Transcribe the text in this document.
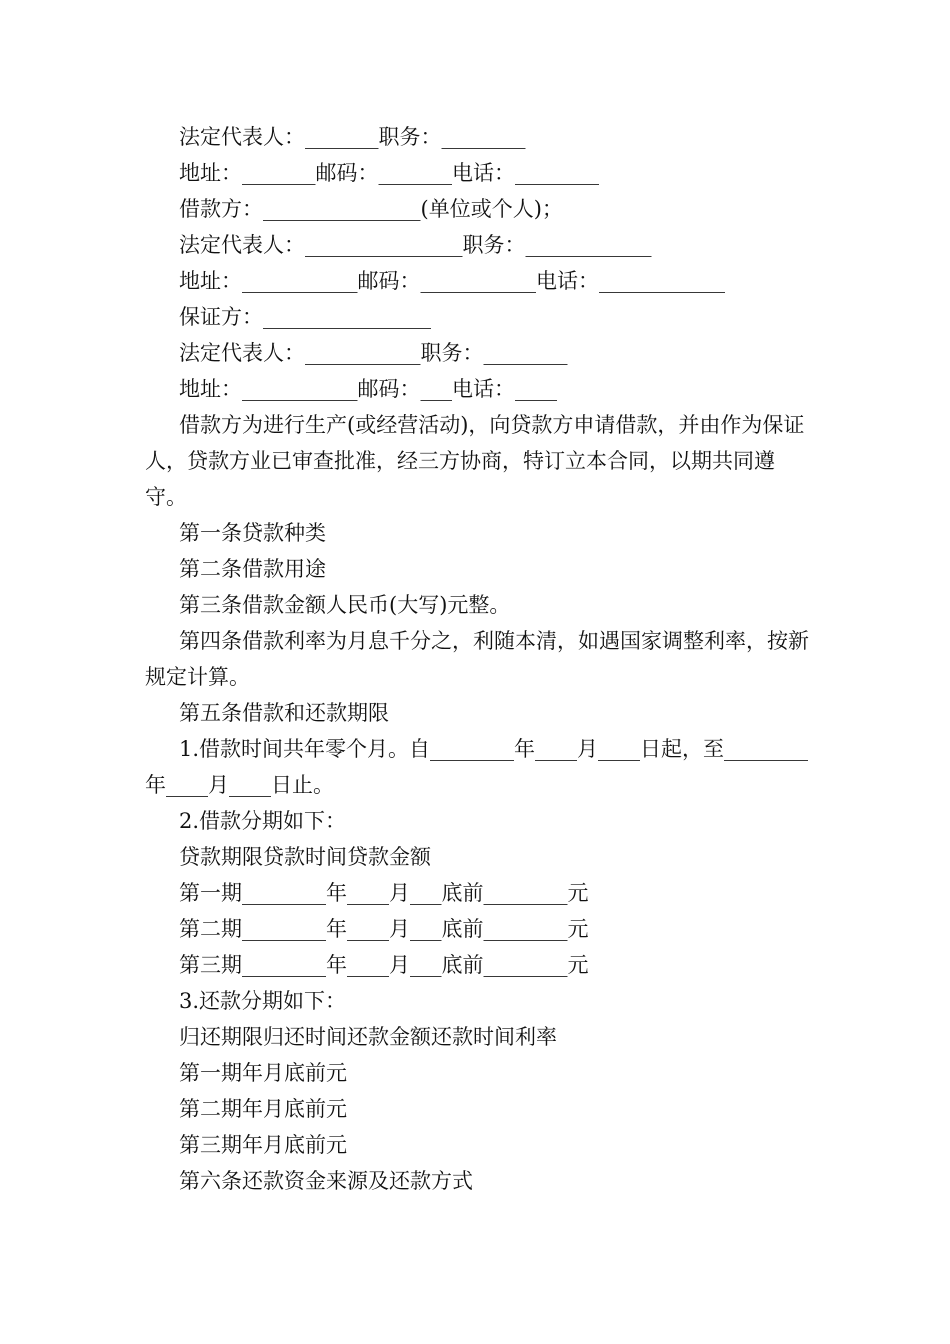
法定代表人：_______职务：________

地址：_______邮码：_______电话：________

借款方：_______________(单位或个人)；

法定代表人：_______________职务：____________

地址：___________邮码：___________电话：____________

保证方：________________

法定代表人：___________职务：________

地址：___________邮码：___电话：____

借款方为进行生产(或经营活动)，向贷款方申请借款，并由作为保证人，贷款方业已审查批准，经三方协商，特订立本合同，以期共同遵守。

第一条贷款种类

第二条借款用途

第三条借款金额人民币(大写)元整。

第四条借款利率为月息千分之，利随本清，如遇国家调整利率，按新规定计算。

第五条借款和还款期限

1.借款时间共年零个月。自________年____月____日起，至________年____月____日止。

2.借款分期如下：

贷款期限贷款时间贷款金额

第一期________年____月___底前________元

第二期________年____月___底前________元

第三期________年____月___底前________元

3.还款分期如下：

归还期限归还时间还款金额还款时间利率

第一期年月底前元

第二期年月底前元

第三期年月底前元

第六条还款资金来源及还款方式
